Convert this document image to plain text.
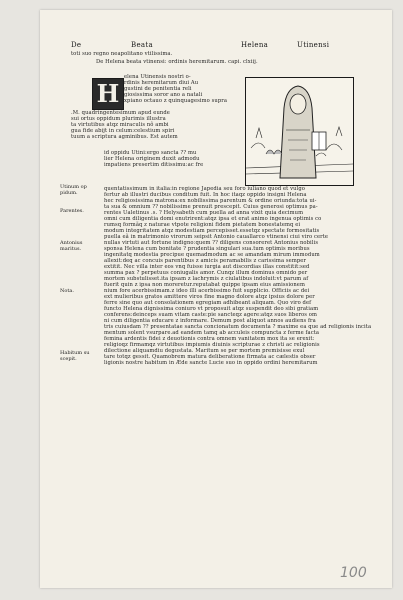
De	Beata	Helena	Utinensi
H
toti suo regno neapolitano vtilissima.
De Helena beata vtinensi: ordinis heremitarum. capi. clxiij.
elena Utinensis nostri o-
rdinis heremitarum diui Au
gustini de penitentia reli
giosissima soror ano a natali
xpiano octauo z quinquagesimo supra
.M. quadringentesimum apud eunde
sui ortus oppidum plurimis illustra
ta virtutibus atqz miraculis nõ ambi
gua fide abijt in celum:celestium spiri
tuum a scriptura agminibus. Est autem
id oppidu Utini:ergo sancta ?? mu
lier Helena originem duxit admodu
impatiens presertim ditissimu:ac fre
quentatissimum in italia:in regione Japedia seu foro iuliano quod et vulgo
fertur ab illustri ducibus conditum fuit. In hoc itaqz oppido insigni Helena
hec religiosissima matrona:ex nobilissima parentum & ordine oriunda:tota ui-
ta sua & omnium ?? nobilissime prenuit prescepit. Cuius generosi optimus pa-
rentes Ualetinus .s. ? Helysabeth cum puella ad anna vixit quia decimum
omni cum diligentia domi enutrirent:atqz ipsa et erat animo ingenua optimis co
rumsq formãq z naturae vtpote religioni fidem pietatem bonestatemq ei
modum integritatem atqz modestiam percepisset.essetqz spectate formositatis
puella eã in matrimonio virorum seipsit Antonio cauallarco vtinensi ciui viro certe
nullas virtuti aut fortune indigno:quem ?? diligens consoreret Antonius nobilis
sponsa Helena cum bonitate ? prudentia singulari sua.tum optimis moribus
ingenitatq modestia precipue quemadmodum ac se amandam mirum immodum
allexit:deq ac concuis parentibus z amicis peramabilis z carissima semper
extitit. Nec villa inter eos vnq fuisse iurgia aut discordias illas constitit:sed
summa pax ? perpetuus coniugalis amor. Cunqz illum dominus omnido per
mortem substulisset.ita ipsam z lachrymis z ciulatibus indoluit:vt parum af
fuerit quin z ipsa non moreretur.reputabat quippe ipsam eius amissionem
nium fore acerbissimam.z ideo illi acerbissimo fuit supplicio. Officiis ac dei
ext mulieribus gratos amittere viros fine magno dolore atqz ipsius dolore per
ferre sine quo aut consolationem egregiam adhibeant aliquam. Quo viro def
functo Helena dignissima coniuro vt proposuit atqz suspendit deo sibi gratiam
conferens:deinceps suam vitam caste:pie sancteqz agere:atqz suos liberos om
ni cum diligentia educare z informare. Demum post aliquot annos audiens fra
tris cuiusdam ?? presentatae sancta concionatum documenta ? maxime ea que ad religionis incita
mentum solent vsurpare.ad eandem tamq ab acculeis compuncta z ferme facta
femina ardentis fidei z deuotionis contra omnem vanitatem mox ita se erexit:
religioqz firmamqz virtutibus impiumis diuinis scripturae z christi ac religionis
dilectione aliquamdiu degustata. Maritum se per mortem premisisse exul
tare totqz gessit. Quamobrem matura deliberatione firmata ac cælestis obser
ligionis nostre habitum in Æde sancte Lucie suo in oppido ordini heremitarum
Utinum op pidum.
Parentes.
Antonius maritus.
Nota.
Habitum su scepit.
100
